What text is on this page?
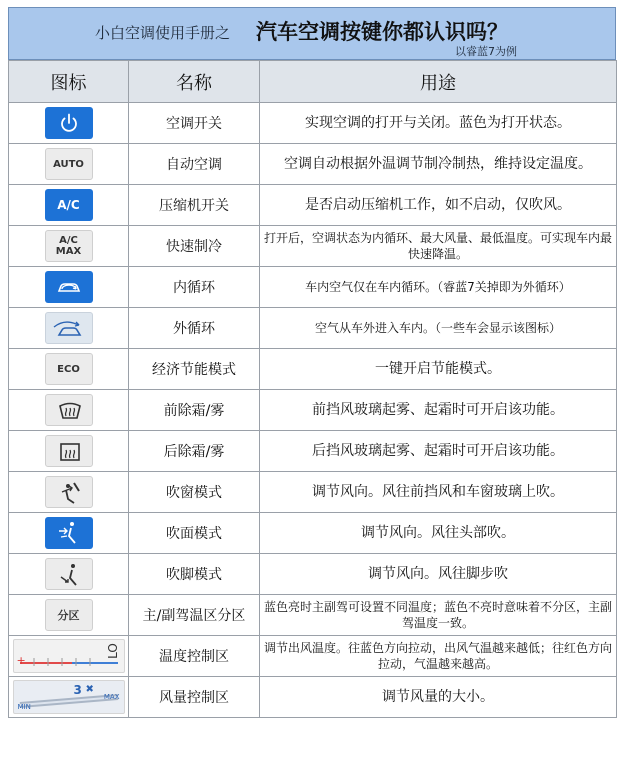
小白空调使用手册之 汽车空调按键你都认识吗？
以睿蓝7为例
图标	名称	用途

	空调开关	实现空调的打开与关闭。蓝色为打开状态。

AUTO	自动空调	空调自动根据外温调节制冷制热，维持设定温度。

A/C	压缩机开关	是否启动压缩机工作，如不启动，仅吹风。

A/C MAX	快速制冷	打开后，空调状态为内循环、最大风量、最低温度。可实现车内最快速降温。

	内循环	车内空气仅在车内循环。（睿蓝7关掉即为外循环）

	外循环	空气从车外进入车内。（一些车会显示该图标）

ECO	经济节能模式	一键开启节能模式。

	前除霜/雾	前挡风玻璃起雾、起霜时可开启该功能。

	后除霜/雾	后挡风玻璃起雾、起霜时可开启该功能。

	吹窗模式	调节风向。风往前挡风和车窗玻璃上吹。

	吹面模式	调节风向。风往头部吹。

	吹脚模式	调节风向。风往脚步吹

分区	主/副驾温区分区	蓝色亮时主副驾可设置不同温度；蓝色不亮时意味着不分区，主副驾温度一致。

+
LO	温度控制区	调节出风温度。往蓝色方向拉动，出风气温越来越低；往红色方向拉动，气温越来越高。

3 ✖
MIN
MAX	风量控制区	调节风量的大小。
